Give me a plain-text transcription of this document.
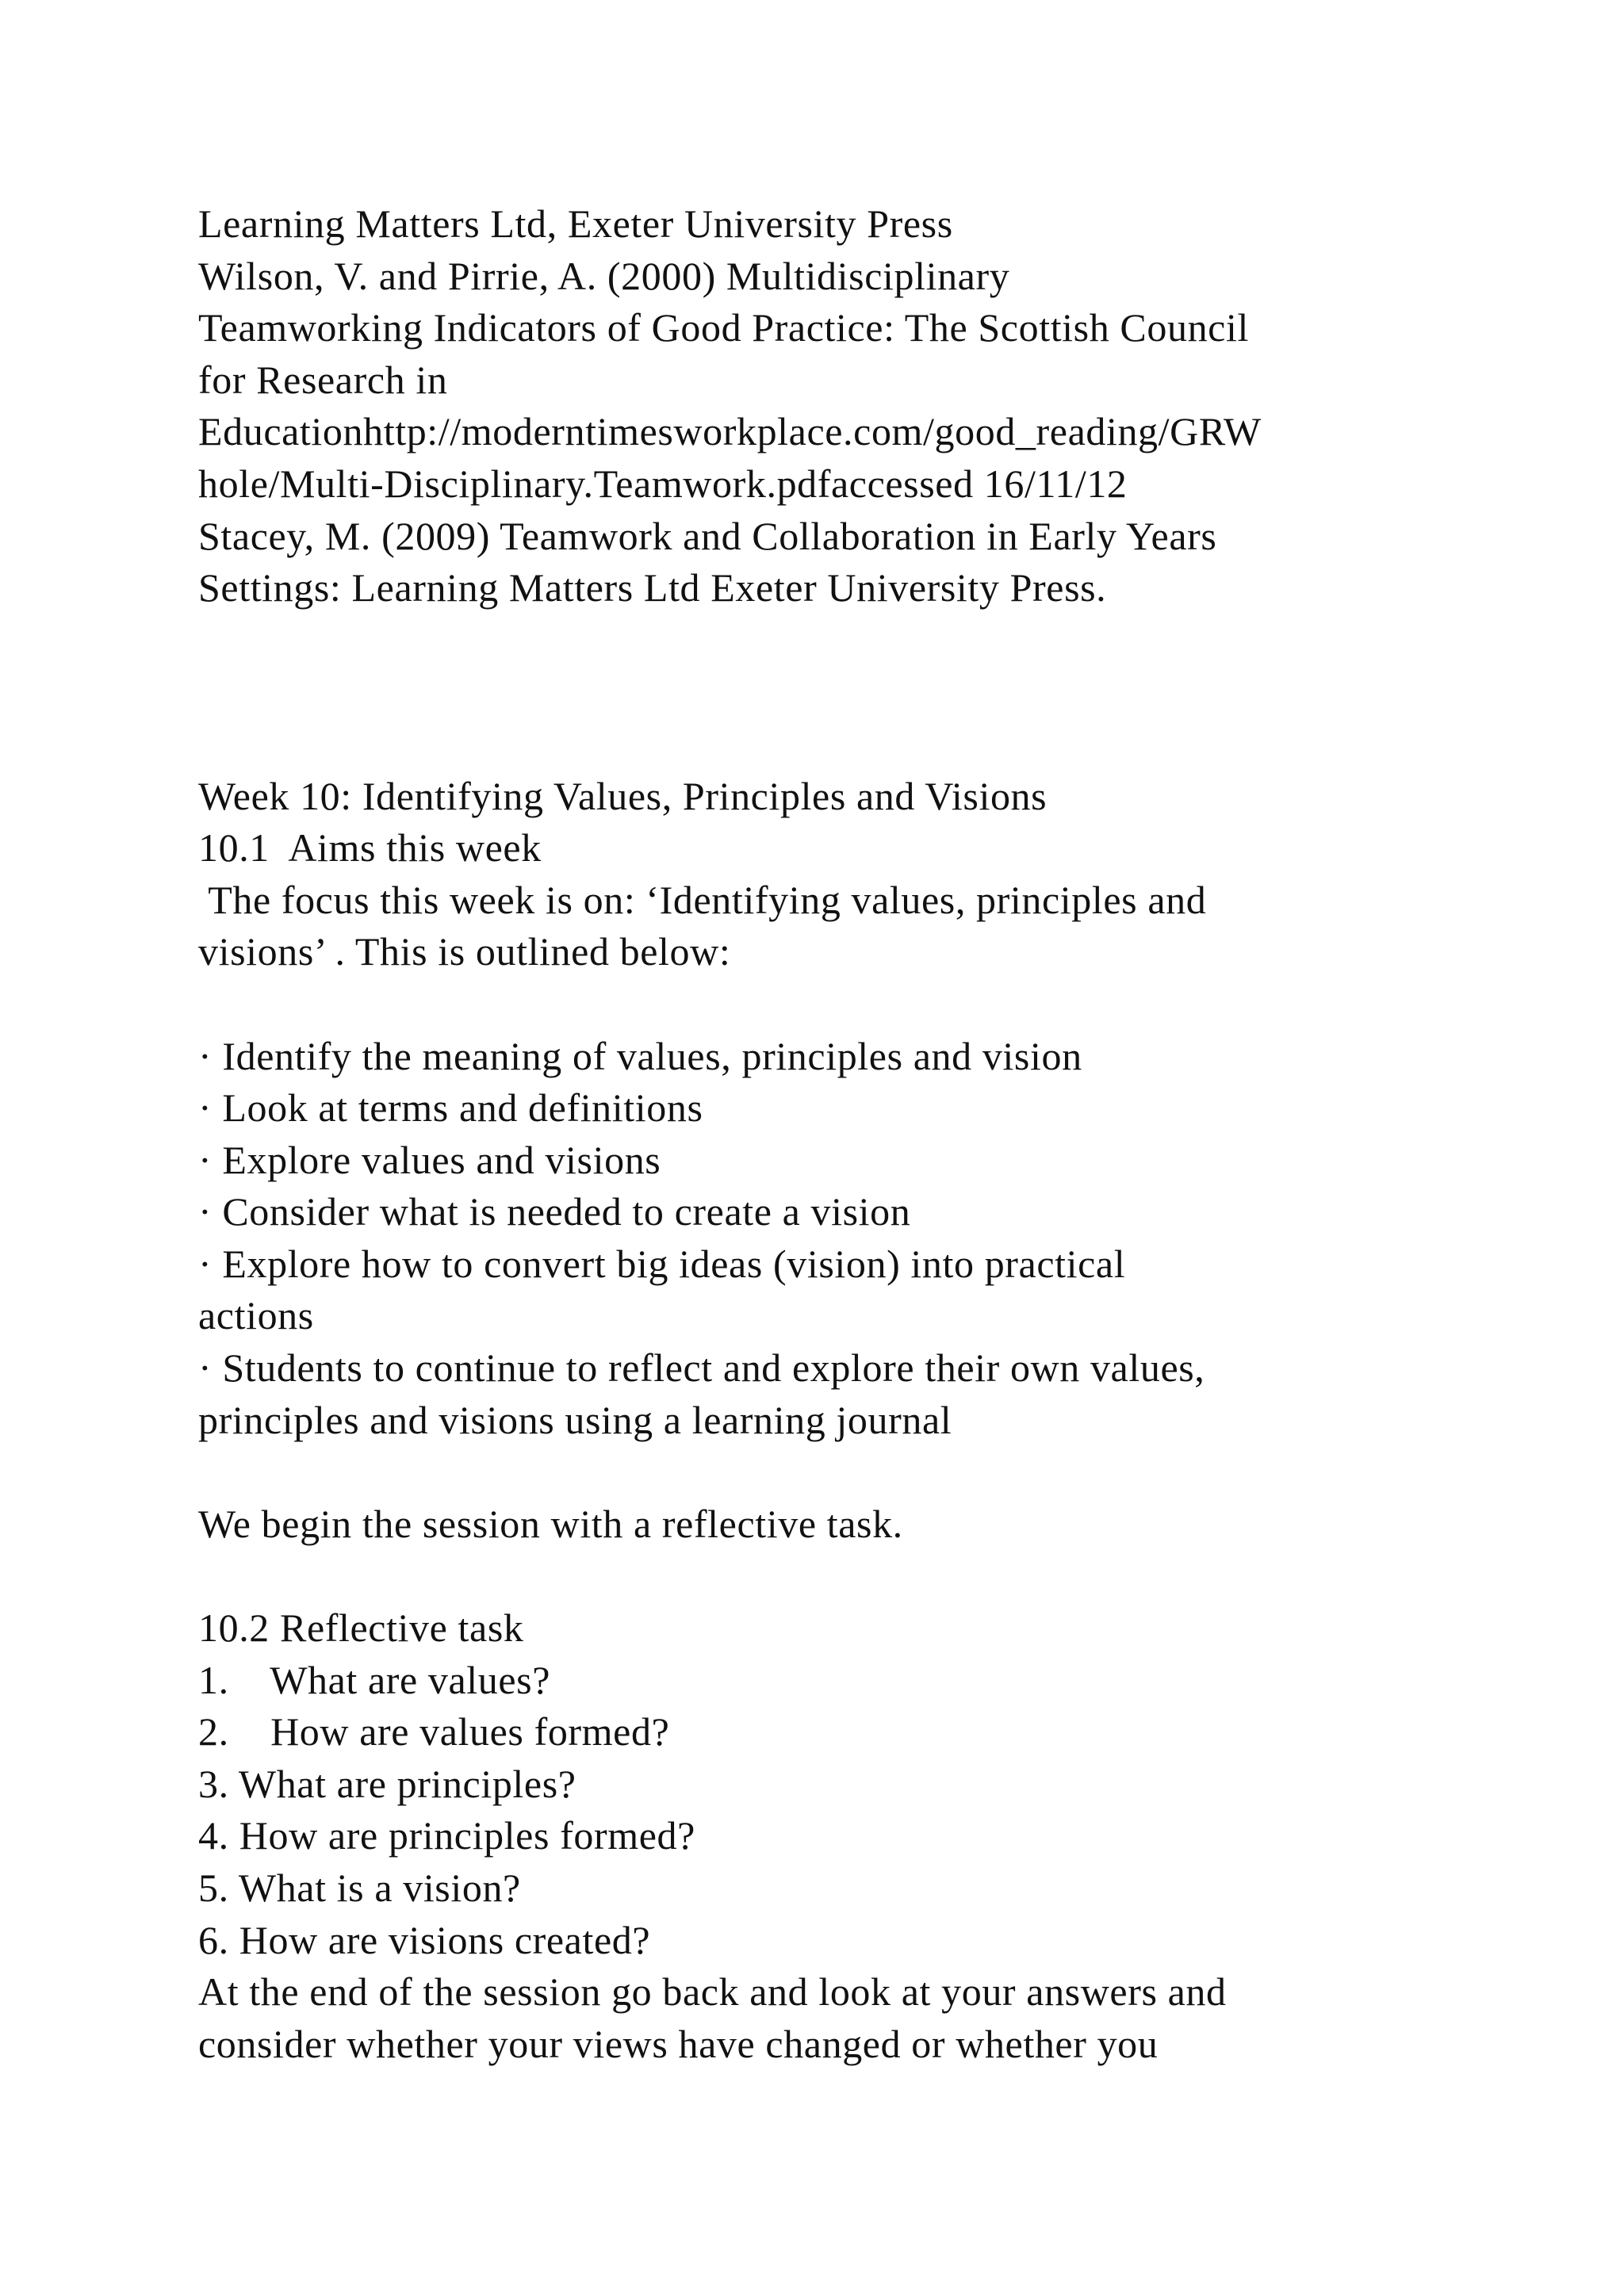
Learning Matters Ltd, Exeter University Press
Wilson, V. and Pirrie, A. (2000) Multidisciplinary
Teamworking Indicators of Good Practice: The Scottish Council
for Research in
Educationhttp://moderntimesworkplace.com/good_reading/GRW
hole/Multi-Disciplinary.Teamwork.pdfaccessed 16/11/12
Stacey, M. (2009) Teamwork and Collaboration in Early Years
Settings: Learning Matters Ltd Exeter University Press.
Week 10: Identifying Values, Principles and Visions
10.1  Aims this week
The focus this week is on: ‘Identifying values, principles and
visions’ . This is outlined below:
· Identify the meaning of values, principles and vision
· Look at terms and definitions
· Explore values and visions
· Consider what is needed to create a vision
· Explore how to convert big ideas (vision) into practical
actions
· Students to continue to reflect and explore their own values,
principles and visions using a learning journal
We begin the session with a reflective task.
10.2 Reflective task
1.    What are values?
2.    How are values formed?
3. What are principles?
4. How are principles formed?
5. What is a vision?
6. How are visions created?
At the end of the session go back and look at your answers and
consider whether your views have changed or whether you
